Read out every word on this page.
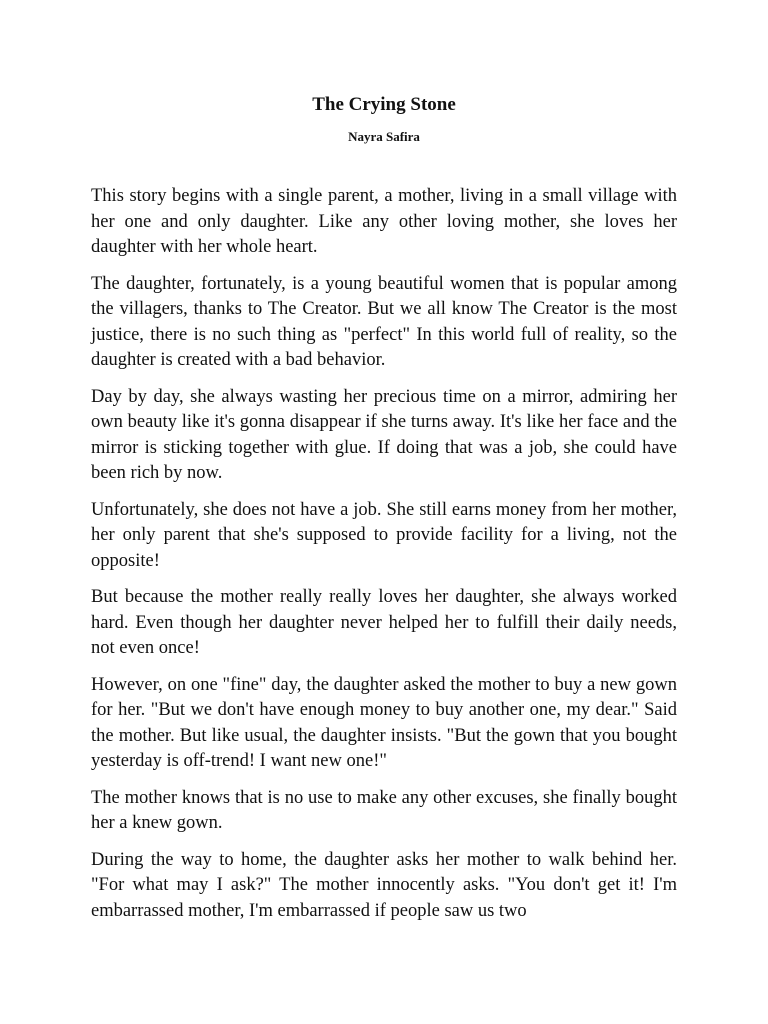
The Crying Stone
Nayra Safira

This story begins with a single parent, a mother, living in a small village with her one and only daughter. Like any other loving mother, she loves her daughter with her whole heart.

The daughter, fortunately, is a young beautiful women that is popular among the villagers, thanks to The Creator. But we all know The Creator is the most justice, there is no such thing as "perfect" In this world full of reality, so the daughter is created with a bad behavior.

Day by day, she always wasting her precious time on a mirror, admiring her own beauty like it's gonna disappear if she turns away. It's like her face and the mirror is sticking together with glue. If doing that was a job, she could have been rich by now.

Unfortunately, she does not have a job. She still earns money from her mother, her only parent that she's supposed to provide facility for a living, not the opposite!

But because the mother really really loves her daughter, she always worked hard. Even though her daughter never helped her to fulfill their daily needs, not even once!

However, on one "fine" day, the daughter asked the mother to buy a new gown for her. "But we don't have enough money to buy another one, my dear." Said the mother. But like usual, the daughter insists. "But the gown that you bought yesterday is off-trend! I want new one!"

The mother knows that is no use to make any other excuses, she finally bought her a knew gown.

During the way to home, the daughter asks her mother to walk behind her. "For what may I ask?" The mother innocently asks. "You don't get it! I'm embarrassed mother, I'm embarrassed if people saw us two
